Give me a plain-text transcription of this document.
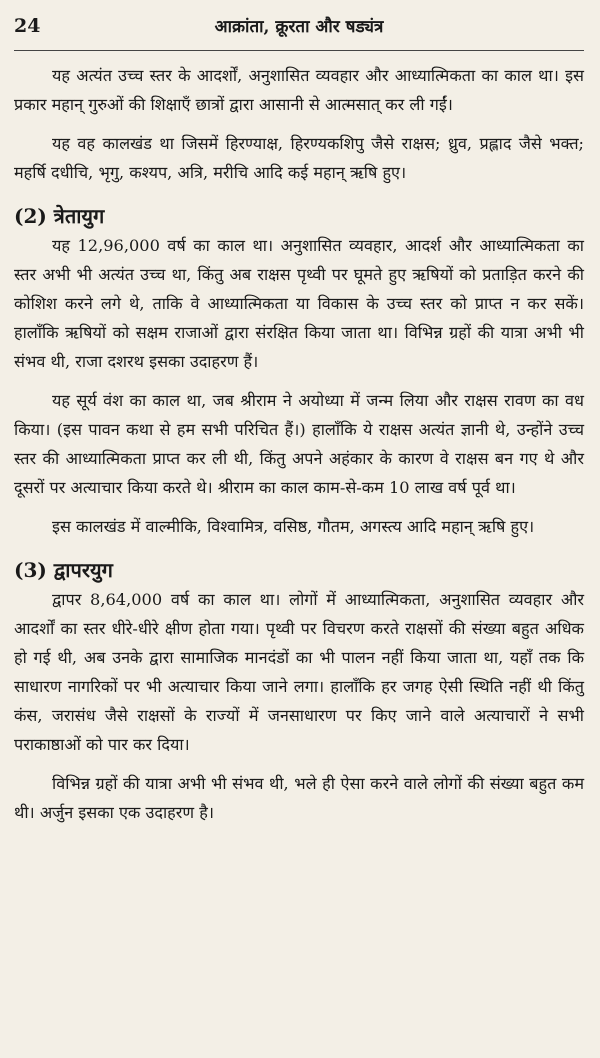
24	आक्रांता, क्रूरता और षड्यंत्र

यह अत्यंत उच्च स्तर के आदर्शों, अनुशासित व्यवहार और आध्यात्मिकता का काल था। इस प्रकार महान् गुरुओं की शिक्षाएँ छात्रों द्वारा आसानी से आत्मसात् कर ली गईं।

यह वह कालखंड था जिसमें हिरण्याक्ष, हिरण्यकशिपु जैसे राक्षस; ध्रुव, प्रह्लाद जैसे भक्त; महर्षि दधीचि, भृगु, कश्यप, अत्रि, मरीचि आदि कई महान् ऋषि हुए।

(2) त्रेतायुग

यह 12,96,000 वर्ष का काल था। अनुशासित व्यवहार, आदर्श और आध्यात्मिकता का स्तर अभी भी अत्यंत उच्च था, किंतु अब राक्षस पृथ्वी पर घूमते हुए ऋषियों को प्रताड़ित करने की कोशिश करने लगे थे, ताकि वे आध्यात्मिकता या विकास के उच्च स्तर को प्राप्त न कर सकें। हालाँकि ऋषियों को सक्षम राजाओं द्वारा संरक्षित किया जाता था। विभिन्न ग्रहों की यात्रा अभी भी संभव थी, राजा दशरथ इसका उदाहरण हैं।

यह सूर्य वंश का काल था, जब श्रीराम ने अयोध्या में जन्म लिया और राक्षस रावण का वध किया। (इस पावन कथा से हम सभी परिचित हैं।) हालाँकि ये राक्षस अत्यंत ज्ञानी थे, उन्होंने उच्च स्तर की आध्यात्मिकता प्राप्त कर ली थी, किंतु अपने अहंकार के कारण वे राक्षस बन गए थे और दूसरों पर अत्याचार किया करते थे। श्रीराम का काल काम-से-कम 10 लाख वर्ष पूर्व था।

इस कालखंड में वाल्मीकि, विश्वामित्र, वसिष्ठ, गौतम, अगस्त्य आदि महान् ऋषि हुए।

(3) द्वापरयुग

द्वापर 8,64,000 वर्ष का काल था। लोगों में आध्यात्मिकता, अनुशासित व्यवहार और आदर्शों का स्तर धीरे-धीरे क्षीण होता गया। पृथ्वी पर विचरण करते राक्षसों की संख्या बहुत अधिक हो गई थी, अब उनके द्वारा सामाजिक मानदंडों का भी पालन नहीं किया जाता था, यहाँ तक कि साधारण नागरिकों पर भी अत्याचार किया जाने लगा। हालाँकि हर जगह ऐसी स्थिति नहीं थी किंतु कंस, जरासंध जैसे राक्षसों के राज्यों में जनसाधारण पर किए जाने वाले अत्याचारों ने सभी पराकाष्ठाओं को पार कर दिया।

विभिन्न ग्रहों की यात्रा अभी भी संभव थी, भले ही ऐसा करने वाले लोगों की संख्या बहुत कम थी। अर्जुन इसका एक उदाहरण है।
